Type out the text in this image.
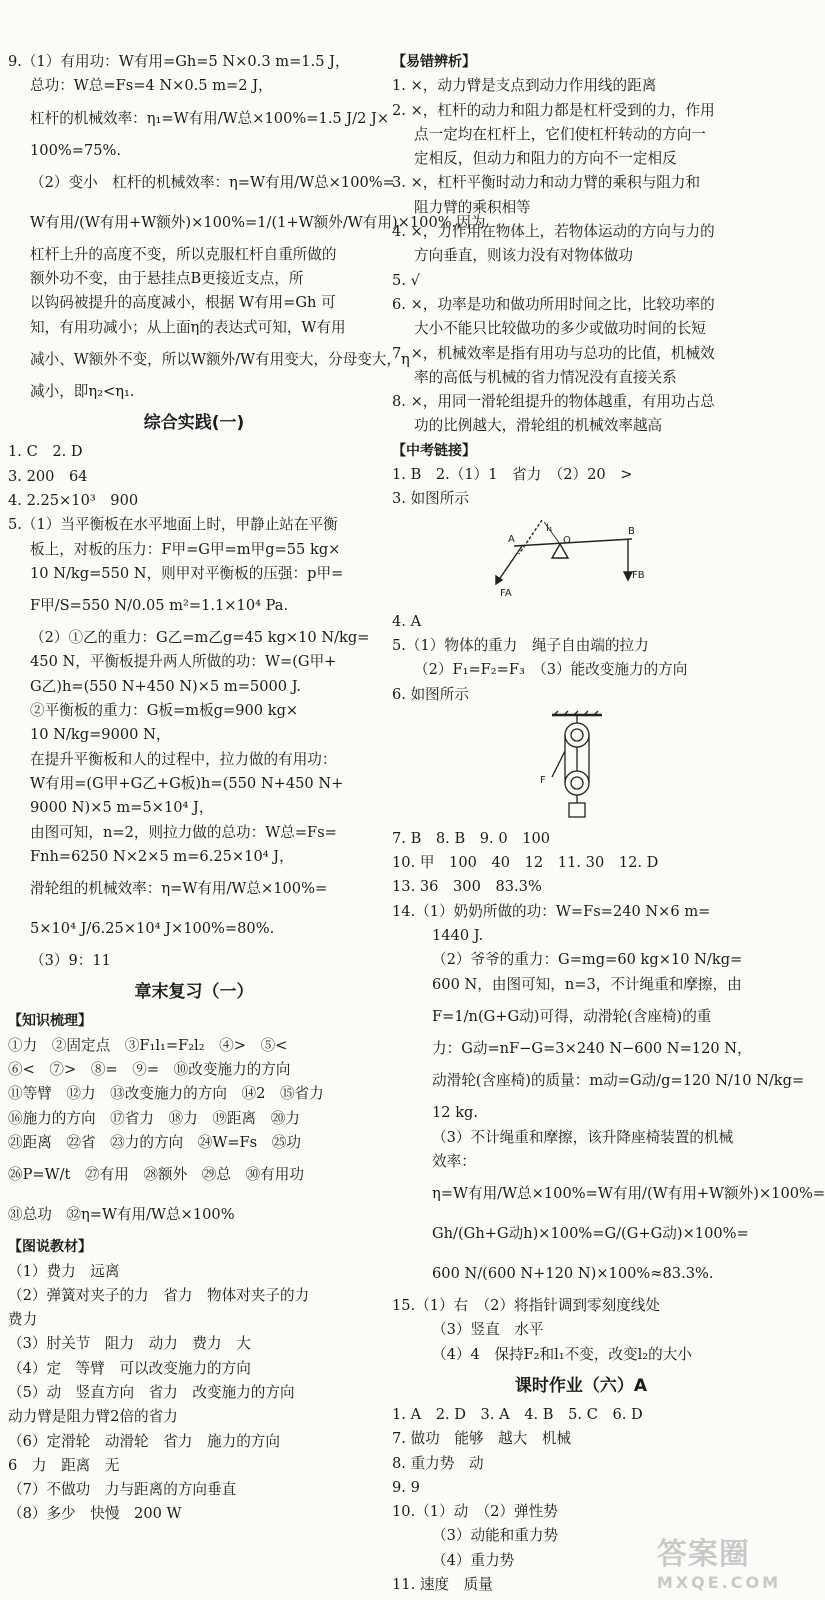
9.（1）有用功：W有用=Gh=5 N×0.3 m=1.5 J，
总功：W总=Fs=4 N×0.5 m=2 J，
杠杆的机械效率：η₁=W有用/W总×100%=1.5 J/2 J×
100%=75%.
（2）变小　杠杆的机械效率：η=W有用/W总×100%=
W有用/(W有用+W额外)×100%=1/(1+W额外/W有用)×100%.因为
杠杆上升的高度不变，所以克服杠杆自重所做的
额外功不变，由于悬挂点B更接近支点，所
以钩码被提升的高度减小，根据 W有用=Gh 可
知，有用功减小；从上面η的表达式可知，W有用
减小、W额外不变，所以W额外/W有用变大，分母变大，η
减小，即η₂<η₁.
综合实践(一)
1. C　2. D
3. 200　64
4. 2.25×10³　900
5.（1）当平衡板在水平地面上时，甲静止站在平衡
板上，对板的压力：F甲=G甲=m甲g=55 kg×
10 N/kg=550 N，则甲对平衡板的压强：p甲=
F甲/S=550 N/0.05 m²=1.1×10⁴ Pa.
（2）①乙的重力：G乙=m乙g=45 kg×10 N/kg=
450 N，平衡板提升两人所做的功：W=(G甲+
G乙)h=(550 N+450 N)×5 m=5000 J.
②平衡板的重力：G板=m板g=900 kg×
10 N/kg=9000 N，
在提升平衡板和人的过程中，拉力做的有用功：
W有用=(G甲+G乙+G板)h=(550 N+450 N+
9000 N)×5 m=5×10⁴ J，
由图可知，n=2，则拉力做的总功：W总=Fs=
Fnh=6250 N×2×5 m=6.25×10⁴ J，
滑轮组的机械效率：η=W有用/W总×100%=
5×10⁴ J/6.25×10⁴ J×100%=80%.
（3）9：11
章末复习（一）
【知识梳理】
①力　②固定点　③F₁l₁=F₂l₂　④>　⑤<
⑥<　⑦>　⑧=　⑨=　⑩改变施力的方向
⑪等臂　⑫力　⑬改变施力的方向　⑭2　⑮省力
⑯施力的方向　⑰省力　⑱力　⑲距离　⑳力
㉑距离　㉒省　㉓力的方向　㉔W=Fs　㉕功
㉖P=W/t　㉗有用　㉘额外　㉙总　㉚有用功
㉛总功　㉜η=W有用/W总×100%
【图说教材】
（1）费力　远离
（2）弹簧对夹子的力　省力　物体对夹子的力
费力
（3）肘关节　阻力　动力　费力　大
（4）定　等臂　可以改变施力的方向
（5）动　竖直方向　省力　改变施力的方向
动力臂是阻力臂2倍的省力
（6）定滑轮　动滑轮　省力　施力的方向
6　力　距离　无
（7）不做功　力与距离的方向垂直
（8）多少　快慢　200 W
【易错辨析】
1. ×，动力臂是支点到动力作用线的距离
2. ×，杠杆的动力和阻力都是杠杆受到的力，作用
点一定均在杠杆上，它们使杠杆转动的方向一
定相反，但动力和阻力的方向不一定相反
3. ×，杠杆平衡时动力和动力臂的乘积与阻力和
阻力臂的乘积相等
4. ×，力作用在物体上，若物体运动的方向与力的
方向垂直，则该力没有对物体做功
5. √
6. ×，功率是功和做功所用时间之比，比较功率的
大小不能只比较做功的多少或做功时间的长短
7. ×，机械效率是指有用功与总功的比值，机械效
率的高低与机械的省力情况没有直接关系
8. ×，用同一滑轮组提升的物体越重，有用功占总
功的比例越大，滑轮组的机械效率越高
【中考链接】
1. B　2.（1）1　省力　（2）20　>
3. 如图所示
A	O
B
l₁
FA
FB
4. A
5.（1）物体的重力　绳子自由端的拉力
（2）F₁=F₂=F₃　（3）能改变施力的方向
6. 如图所示
F
7. B　8. B　9. 0　100
10. 甲　100　40　12　11. 30　12. D
13. 36　300　83.3%
14.（1）奶奶所做的功：W=Fs=240 N×6 m=
1440 J.
（2）爷爷的重力：G=mg=60 kg×10 N/kg=
600 N，由图可知，n=3，不计绳重和摩擦，由
F=1/n(G+G动)可得，动滑轮(含座椅)的重
力：G动=nF−G=3×240 N−600 N=120 N，
动滑轮(含座椅)的质量：m动=G动/g=120 N/10 N/kg=
12 kg.
（3）不计绳重和摩擦，该升降座椅装置的机械
效率：
η=W有用/W总×100%=W有用/(W有用+W额外)×100%=
Gh/(Gh+G动h)×100%=G/(G+G动)×100%=
600 N/(600 N+120 N)×100%≈83.3%.
15.（1）右　（2）将指针调到零刻度线处
（3）竖直　水平
（4）4　保持F₂和l₁不变，改变l₂的大小
课时作业（六）A
1. A　2. D　3. A　4. B　5. C　6. D
7. 做功　能够　越大　机械
8. 重力势　动
9. 9
10.（1）动　（2）弹性势
（3）动能和重力势
（4）重力势
11. 速度　质量
答案圈
MXQE.COM
